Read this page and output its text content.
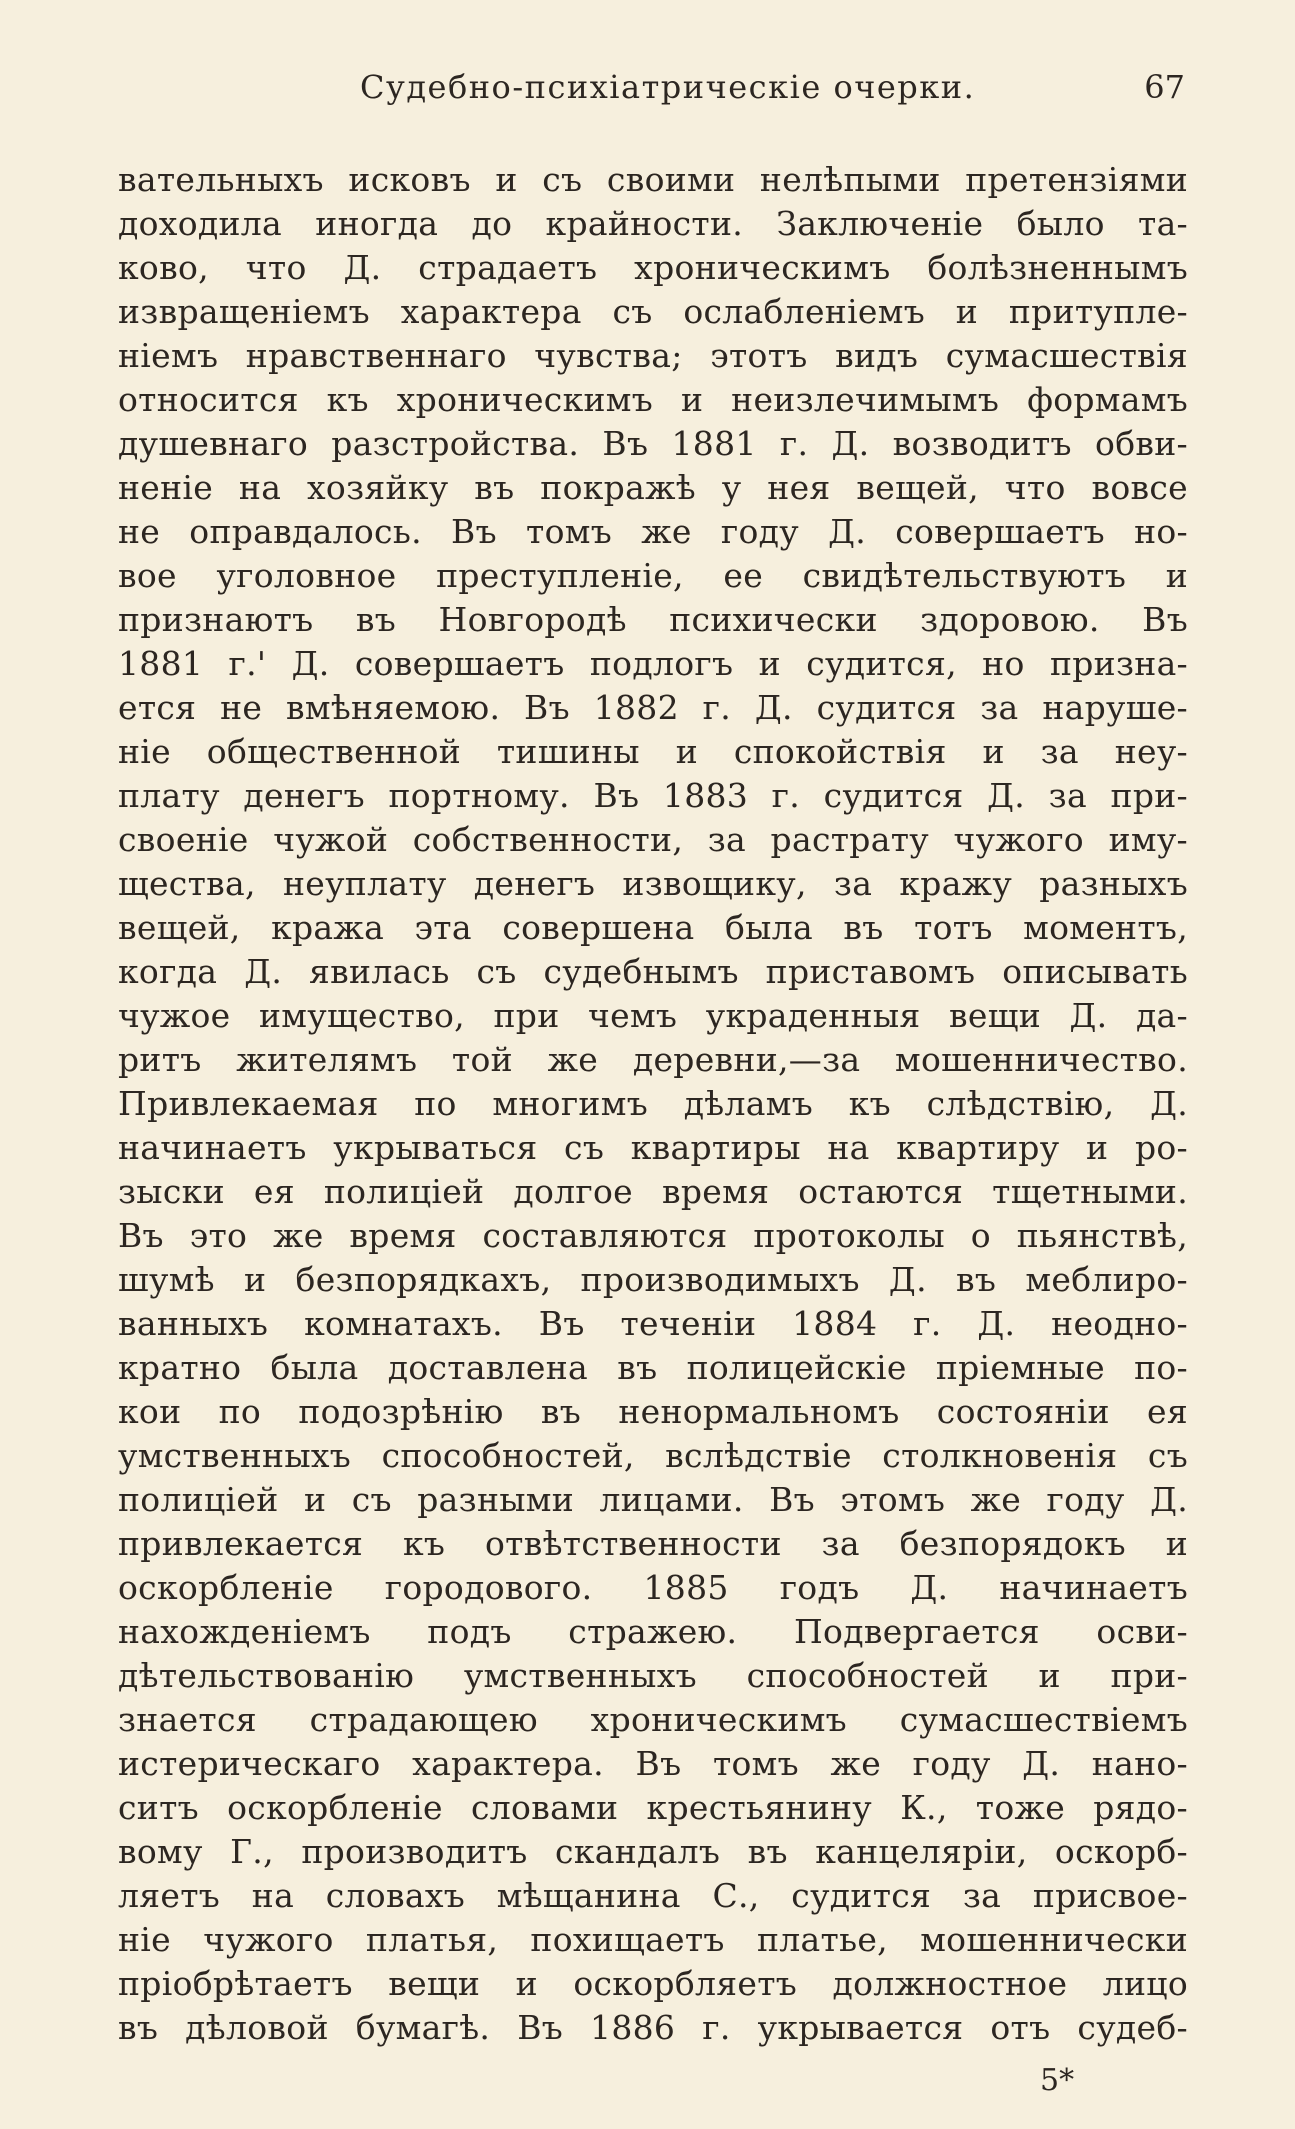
Судебно-психіатрическіе очерки.	67
вательныхъ исковъ и съ своими нелѣпыми претензіями
доходила иногда до крайности. Заключеніе было та-
ково, что Д. страдаетъ хроническимъ болѣзненнымъ
извращеніемъ характера съ ослабленіемъ и притупле-
ніемъ нравственнаго чувства; этотъ видъ сумасшествія
относится къ хроническимъ и неизлечимымъ формамъ
душевнаго разстройства. Въ 1881 г. Д. возводитъ обви-
неніе на хозяйку въ покражѣ у нея вещей, что вовсе
не оправдалось. Въ томъ же году Д. совершаетъ но-
вое уголовное преступленіе, ее свидѣтельствуютъ и
признаютъ въ Новгородѣ психически здоровою. Въ
1881 г.' Д. совершаетъ подлогъ и судится, но призна-
ется не вмѣняемою. Въ 1882 г. Д. судится за наруше-
ніе общественной тишины и спокойствія и за неу-
плату денегъ портному. Въ 1883 г. судится Д. за при-
своеніе чужой собственности, за растрату чужого иму-
щества, неуплату денегъ извощику, за кражу разныхъ
вещей, кража эта совершена была въ тотъ моментъ,
когда Д. явилась съ судебнымъ приставомъ описывать
чужое имущество, при чемъ украденныя вещи Д. да-
ритъ жителямъ той же деревни,—за мошенничество.
Привлекаемая по многимъ дѣламъ къ слѣдствію, Д.
начинаетъ укрываться съ квартиры на квартиру и ро-
зыски ея полиціей долгое время остаются тщетными.
Въ это же время составляются протоколы о пьянствѣ,
шумѣ и безпорядкахъ, производимыхъ Д. въ меблиро-
ванныхъ комнатахъ. Въ теченіи 1884 г. Д. неодно-
кратно была доставлена въ полицейскіе пріемные по-
кои по подозрѣнію въ ненормальномъ состояніи ея
умственныхъ способностей, вслѣдствіе столкновенія съ
полиціей и съ разными лицами. Въ этомъ же году Д.
привлекается къ отвѣтственности за безпорядокъ и
оскорбленіе городового. 1885 годъ Д. начинаетъ
нахожденіемъ подъ стражею. Подвергается осви-
дѣтельствованію умственныхъ способностей и при-
знается страдающею хроническимъ сумасшествіемъ
истерическаго характера. Въ томъ же году Д. нано-
ситъ оскорбленіе словами крестьянину К., тоже рядо-
вому Г., производитъ скандалъ въ канцеляріи, оскорб-
ляетъ на словахъ мѣщанина С., судится за присвое-
ніе чужого платья, похищаетъ платье, мошеннически
пріобрѣтаетъ вещи и оскорбляетъ должностное лицо
въ дѣловой бумагѣ. Въ 1886 г. укрывается отъ судеб-
5*
